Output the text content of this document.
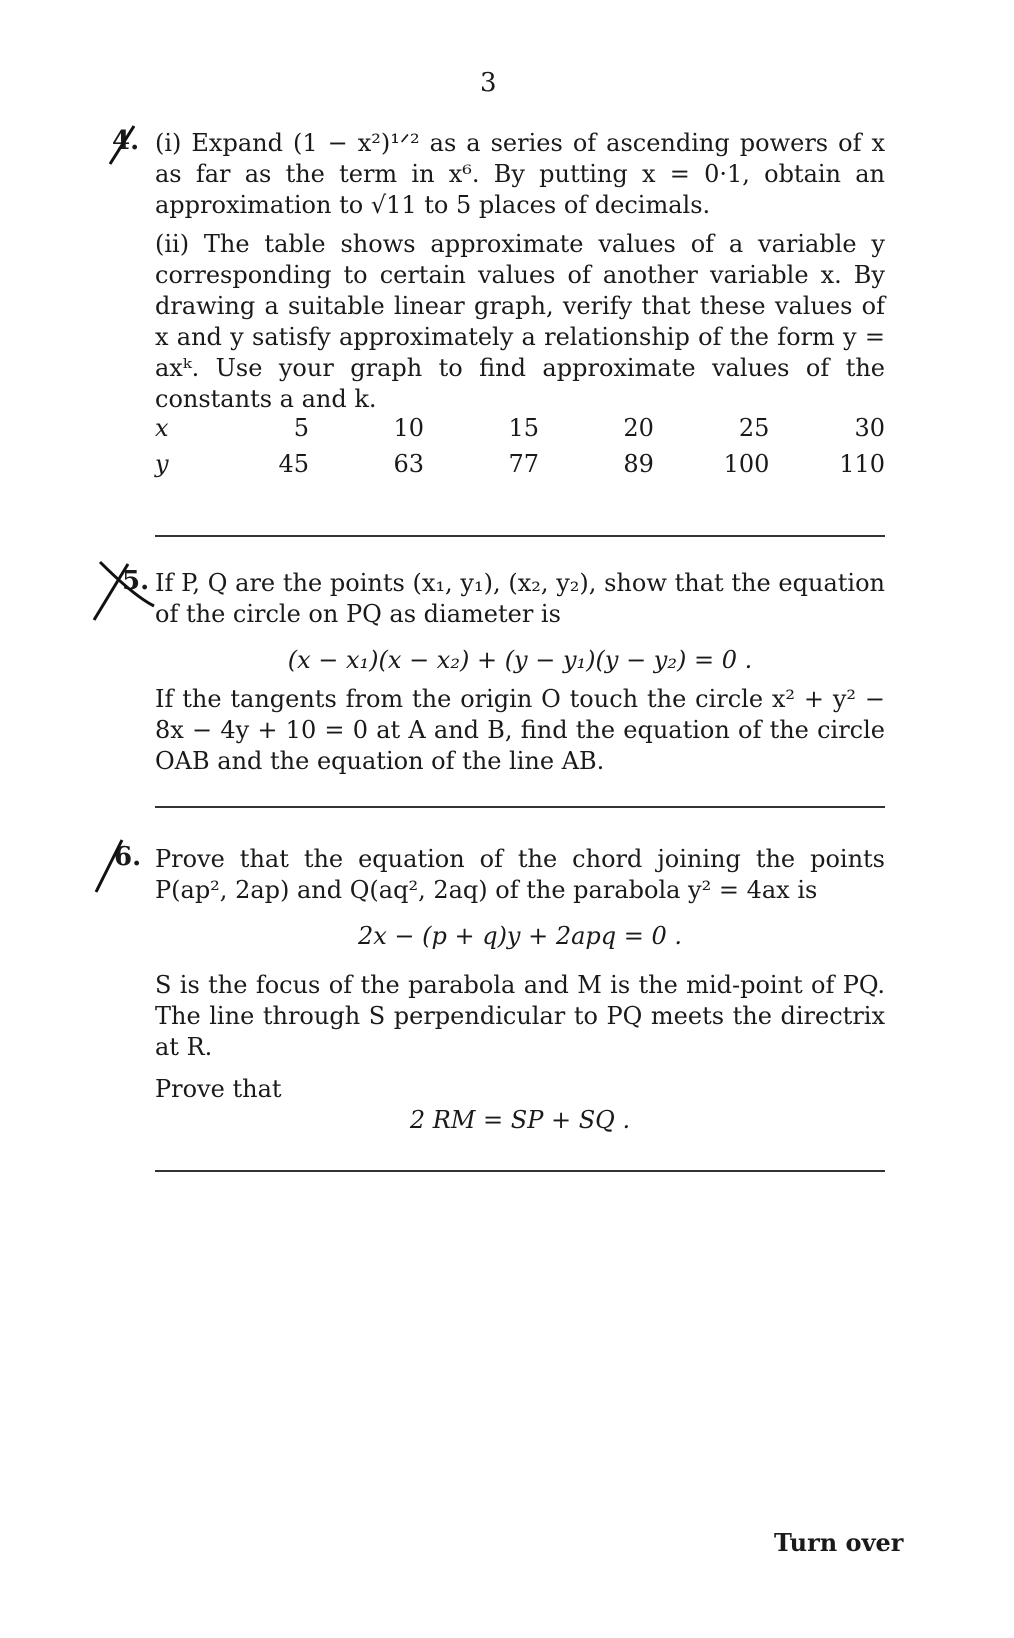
3
4. (i) Expand (1 − x²)¹ᐟ² as a series of ascending powers of x as far as the term in x⁶. By putting x = 0·1, obtain an approximation to √11 to 5 places of decimals.

(ii) The table shows approximate values of a variable y corresponding to certain values of another variable x. By drawing a suitable linear graph, verify that these values of x and y satisfy approximately a relationship of the form y = axᵏ. Use your graph to find approximate values of the constants a and k.

x	5	10	15	20	25	30
y	45	63	77	89	100	110
5. If P, Q are the points (x₁, y₁), (x₂, y₂), show that the equation of the circle on PQ as diameter is

(x − x₁)(x − x₂) + (y − y₁)(y − y₂) = 0 .

If the tangents from the origin O touch the circle x² + y² − 8x − 4y + 10 = 0 at A and B, find the equation of the circle OAB and the equation of the line AB.

6. Prove that the equation of the chord joining the points P(ap², 2ap) and Q(aq², 2aq) of the parabola y² = 4ax is

2x − (p + q)y + 2apq = 0 .

S is the focus of the parabola and M is the mid-point of PQ. The line through S perpendicular to PQ meets the directrix at R.

Prove that

2 RM = SP + SQ .
Turn over
